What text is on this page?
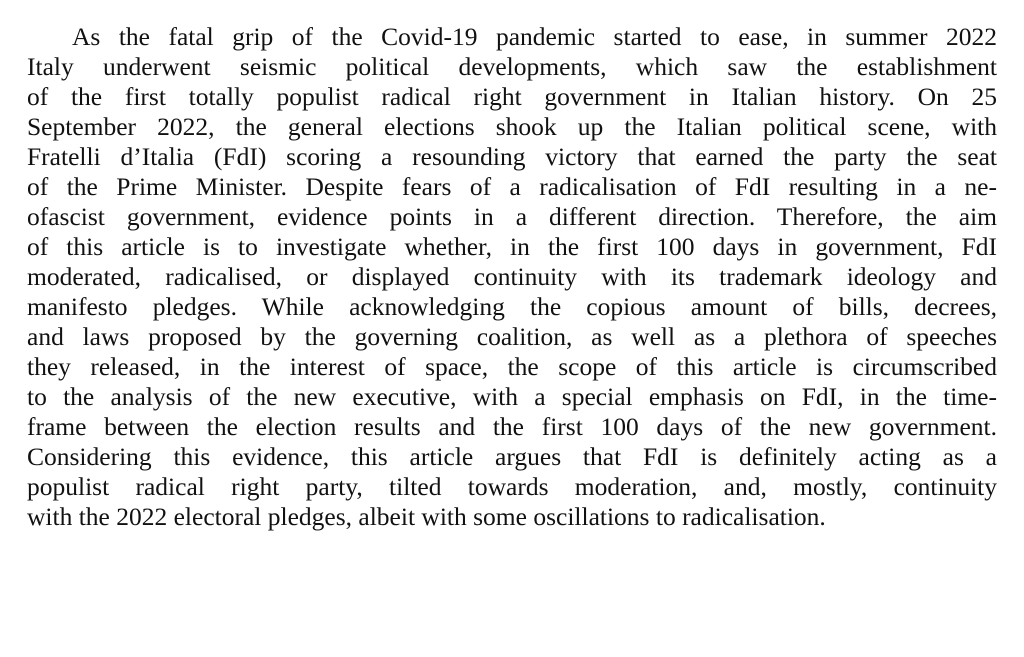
As the fatal grip of the Covid-19 pandemic started to ease, in summer 2022
Italy underwent seismic political developments, which saw the establishment
of the first totally populist radical right government in Italian history. On 25
September 2022, the general elections shook up the Italian political scene, with
Fratelli d’Italia (FdI) scoring a resounding victory that earned the party the seat
of the Prime Minister. Despite fears of a radicalisation of FdI resulting in a ne-
ofascist government, evidence points in a different direction. Therefore, the aim
of this article is to investigate whether, in the first 100 days in government, FdI
moderated, radicalised, or displayed continuity with its trademark ideology and
manifesto pledges. While acknowledging the copious amount of bills, decrees,
and laws proposed by the governing coalition, as well as a plethora of speeches
they released, in the interest of space, the scope of this article is circumscribed
to the analysis of the new executive, with a special emphasis on FdI, in the time-
frame between the election results and the first 100 days of the new government.
Considering this evidence, this article argues that FdI is definitely acting as a
populist radical right party, tilted towards moderation, and, mostly, continuity
with the 2022 electoral pledges, albeit with some oscillations to radicalisation.
